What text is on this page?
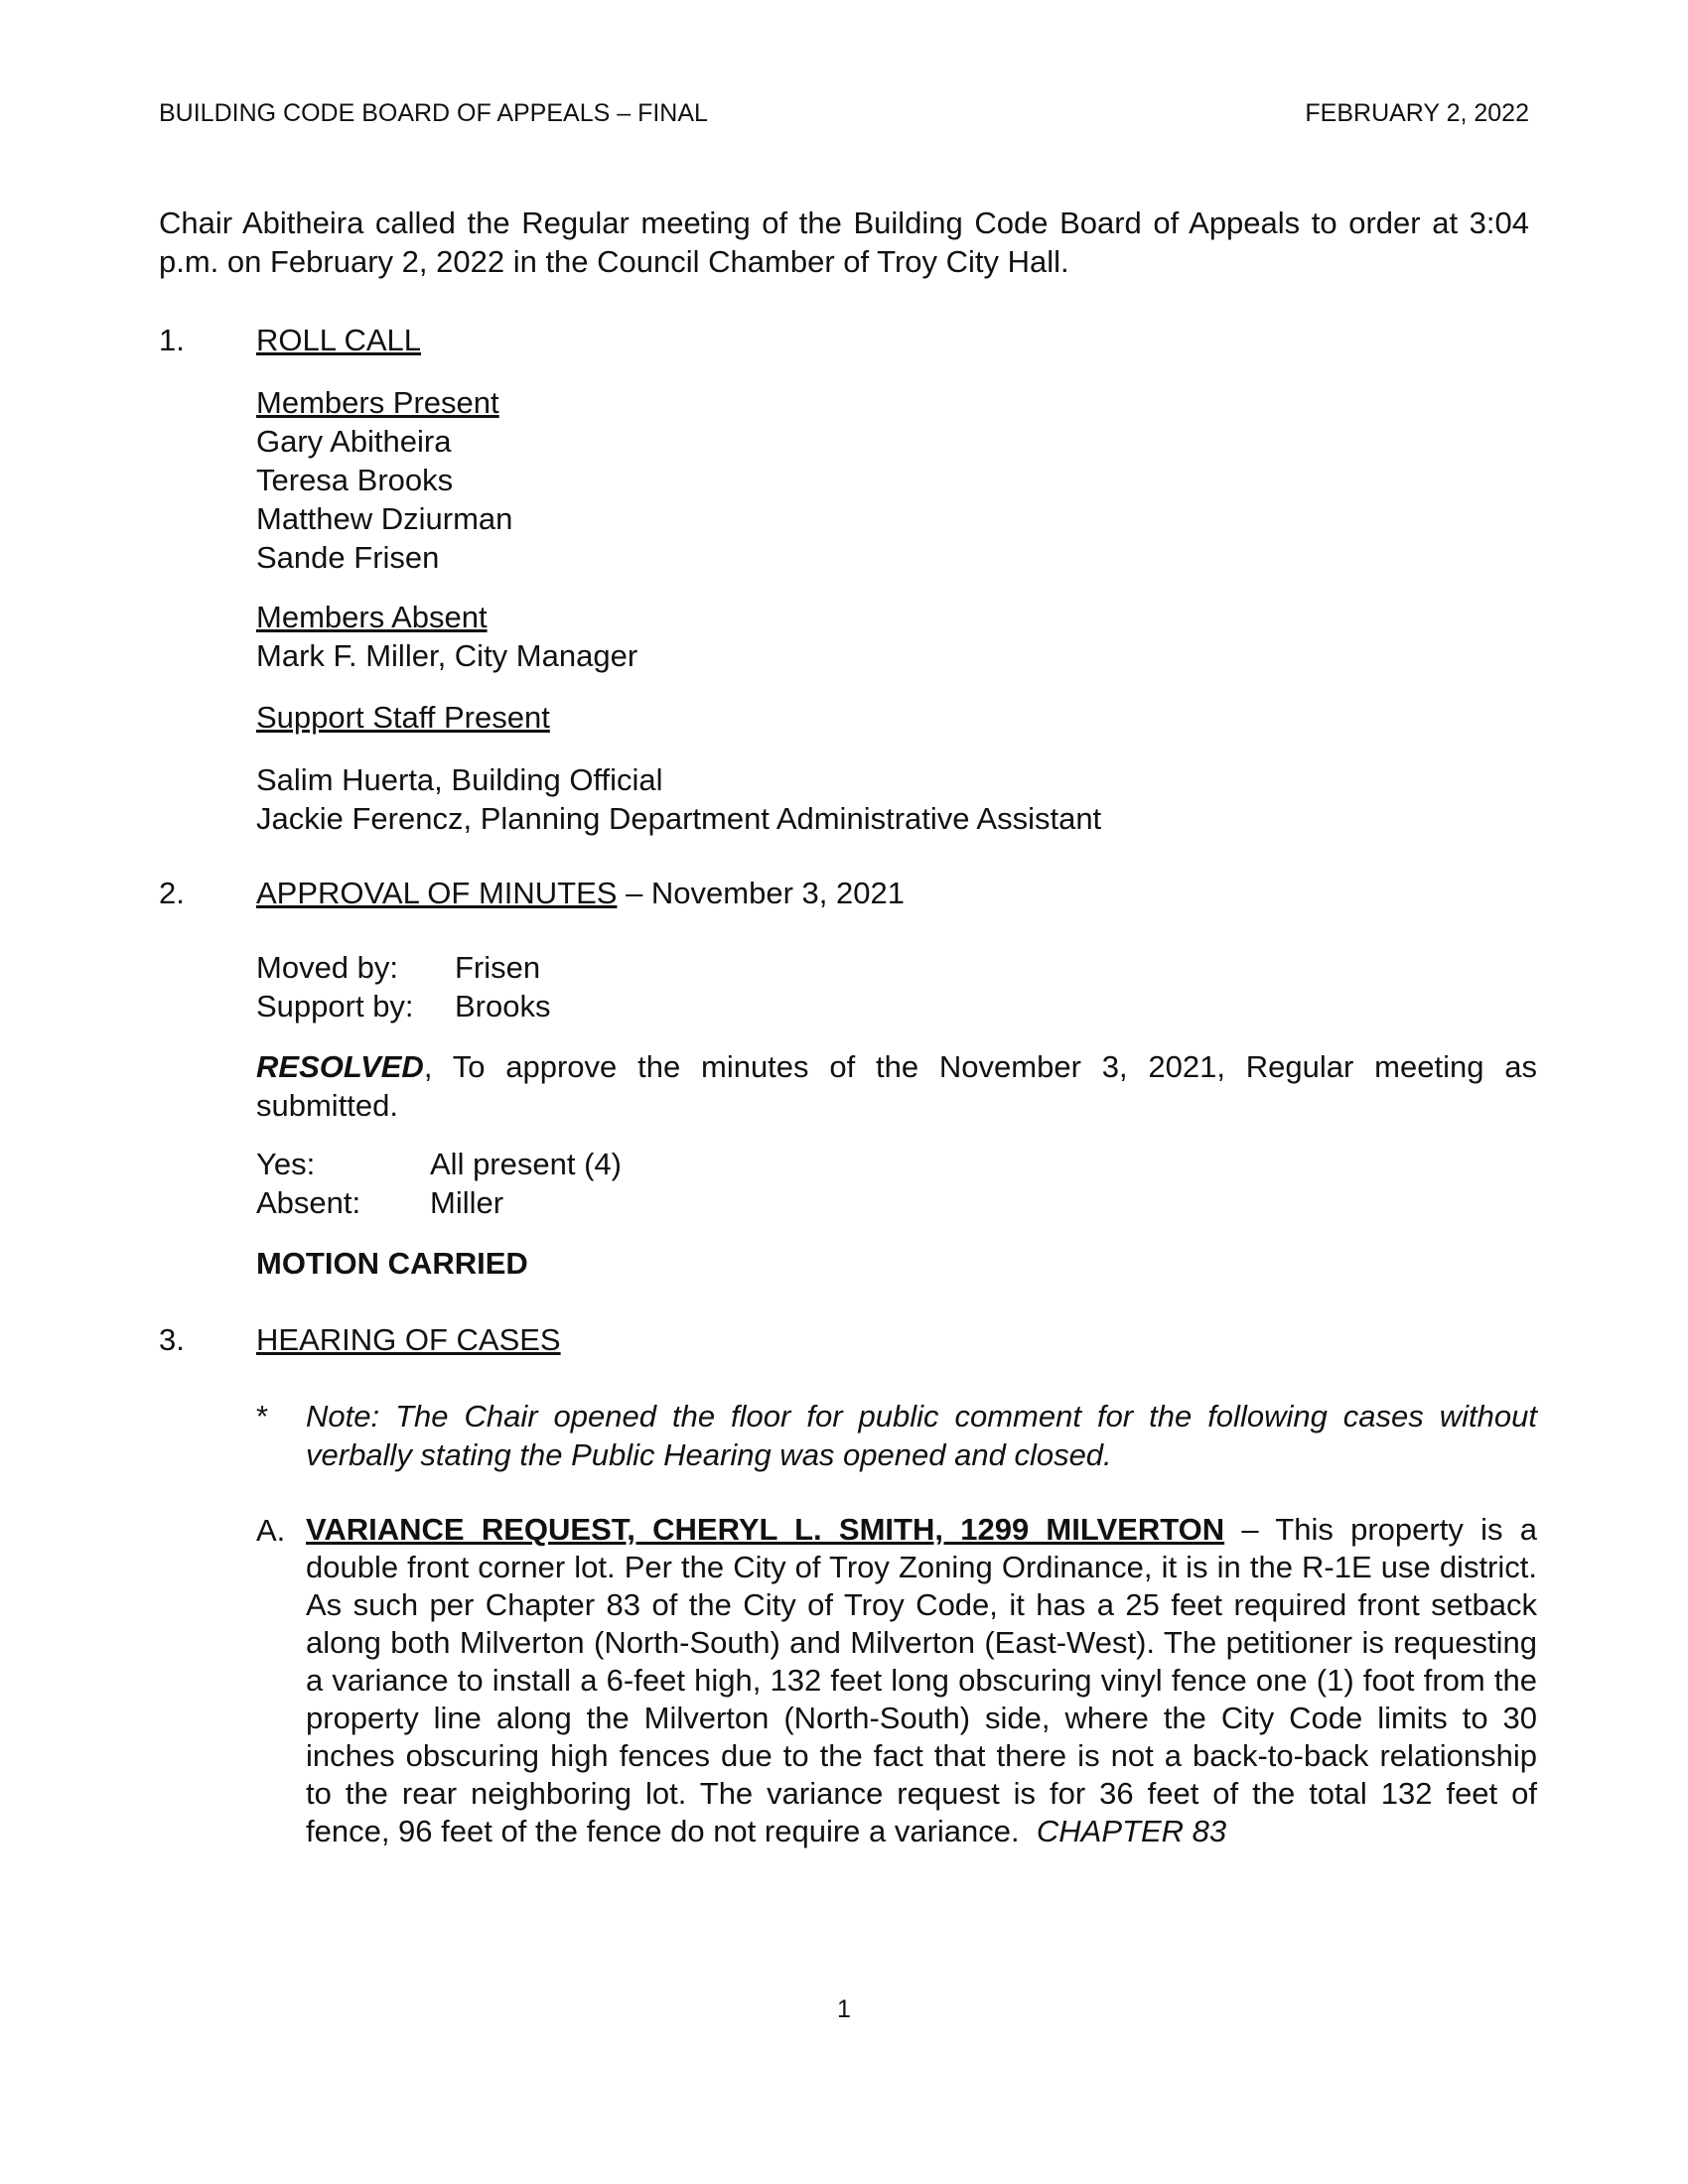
BUILDING CODE BOARD OF APPEALS – FINAL	FEBRUARY 2, 2022
Chair Abitheira called the Regular meeting of the Building Code Board of Appeals to order at 3:04 p.m. on February 2, 2022 in the Council Chamber of Troy City Hall.
1. ROLL CALL
Members Present
Gary Abitheira
Teresa Brooks
Matthew Dziurman
Sande Frisen
Members Absent
Mark F. Miller, City Manager
Support Staff Present
Salim Huerta, Building Official
Jackie Ferencz, Planning Department Administrative Assistant
2. APPROVAL OF MINUTES – November 3, 2021
Moved by:	Frisen
Support by:	Brooks
RESOLVED, To approve the minutes of the November 3, 2021, Regular meeting as submitted.
Yes:	All present (4)
Absent:	Miller
MOTION CARRIED
3. HEARING OF CASES
* Note: The Chair opened the floor for public comment for the following cases without verbally stating the Public Hearing was opened and closed.
A. VARIANCE REQUEST, CHERYL L. SMITH, 1299 MILVERTON – This property is a double front corner lot. Per the City of Troy Zoning Ordinance, it is in the R-1E use district. As such per Chapter 83 of the City of Troy Code, it has a 25 feet required front setback along both Milverton (North-South) and Milverton (East-West). The petitioner is requesting a variance to install a 6-feet high, 132 feet long obscuring vinyl fence one (1) foot from the property line along the Milverton (North-South) side, where the City Code limits to 30 inches obscuring high fences due to the fact that there is not a back-to-back relationship to the rear neighboring lot. The variance request is for 36 feet of the total 132 feet of fence, 96 feet of the fence do not require a variance. CHAPTER 83
1
